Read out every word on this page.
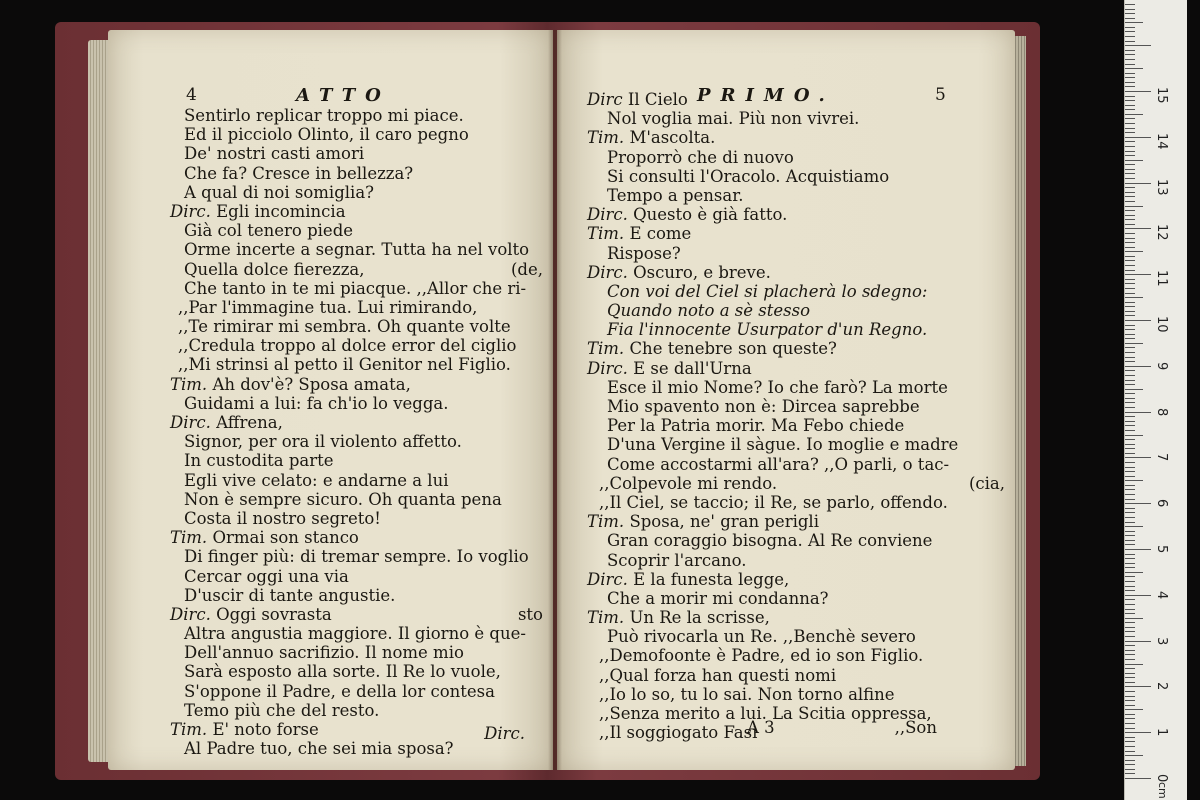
4	ATTO
Sentirlo replicar troppo mi piace.
Ed il picciolo Olinto, il caro pegno
De' nostri casti amori
Che fa? Cresce in bellezza?
A qual di noi somiglia?
Dirc. Egli incomincia
Già col tenero piede
Orme incerte a segnar. Tutta ha nel volto
Quella dolce fierezza,	(de,
Che tanto in te mi piacque. ,,Allor che ri-
,,Par l'immagine tua. Lui rimirando,
,,Te rimirar mi sembra. Oh quante volte
,,Credula troppo al dolce error del ciglio
,,Mi strinsi al petto il Genitor nel Figlio.
Tim. Ah dov'è? Sposa amata,
Guidami a lui: fa ch'io lo vegga.
Dirc. Affrena,
Signor, per ora il violento affetto.
In custodita parte
Egli vive celato: e andarne a lui
Non è sempre sicuro. Oh quanta pena
Costa il nostro segreto!
Tim. Ormai son stanco
Di finger più: di tremar sempre. Io voglio
Cercar oggi una via
D'uscir di tante angustie.
Dirc. Oggi sovrasta	sto
Altra angustia maggiore. Il giorno è que-
Dell'annuo sacrifizio. Il nome mio
Sarà esposto alla sorte. Il Re lo vuole,
S'oppone il Padre, e della lor contesa
Temo più che del resto.
Tim. E' noto forse
Al Padre tuo, che sei mia sposa?
Dirc.
PRIMO.	5
Dirc Il Cielo
Nol voglia mai. Più non vivrei.
Tim. M'ascolta.
Proporrò che di nuovo
Si consulti l'Oracolo. Acquistiamo
Tempo a pensar.
Dirc. Questo è già fatto.
Tim. E come
Rispose?
Dirc. Oscuro, e breve.
Con voi del Ciel si placherà lo sdegno:
Quando noto a sè stesso
Fia l'innocente Usurpator d'un Regno.
Tim. Che tenebre son queste?
Dirc. E se dall'Urna
Esce il mio Nome? Io che farò? La morte
Mio spavento non è: Dircea saprebbe
Per la Patria morir. Ma Febo chiede
D'una Vergine il sàgue. Io moglie e madre
Come accostarmi all'ara? ,,O parli, o tac-
,,Colpevole mi rendo.	(cia,
,,Il Ciel, se taccio; il Re, se parlo, offendo.
Tim. Sposa, ne' gran perigli
Gran coraggio bisogna. Al Re conviene
Scoprir l'arcano.
Dirc. E la funesta legge,
Che a morir mi condanna?
Tim. Un Re la scrisse,
Può rivocarla un Re. ,,Benchè severo
,,Demofoonte è Padre, ed io son Figlio.
,,Qual forza han questi nomi
,,Io lo so, tu lo sai. Non torno alfine
,,Senza merito a lui. La Scitia oppressa,
,,Il soggiogato Fasi
A 3	,,Son
0
1
2
3
4
5
6
7
8
9
10
11
12
13
14
15
cm
